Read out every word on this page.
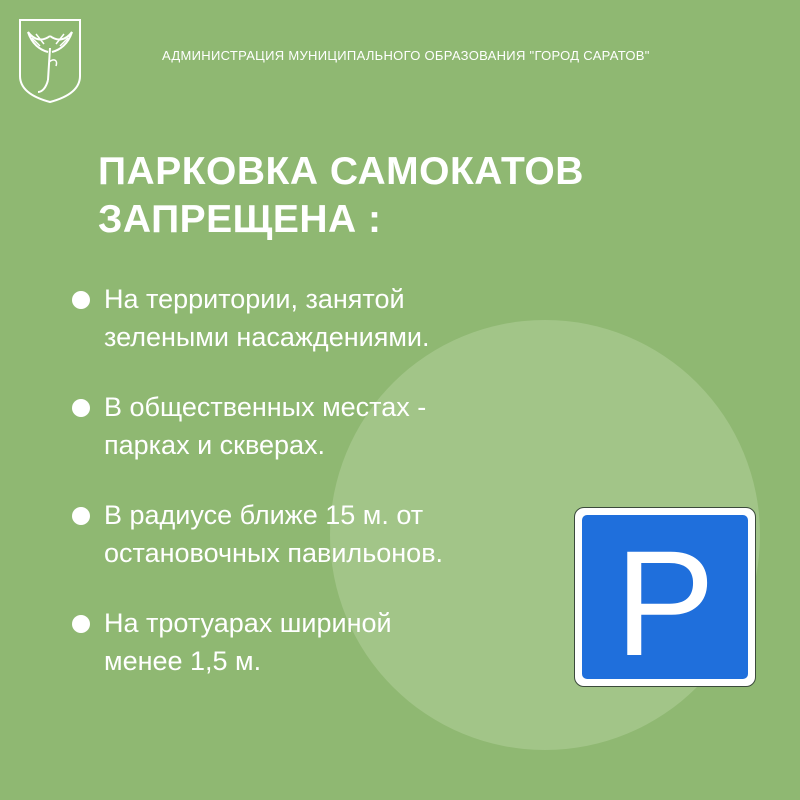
АДМИНИСТРАЦИЯ МУНИЦИПАЛЬНОГО ОБРАЗОВАНИЯ "ГОРОД САРАТОВ"
ПАРКОВКА САМОКАТОВ
ЗАПРЕЩЕНА :
На территории, занятой
зелеными насаждениями.
В общественных местах -
парках и скверах.
В радиусе ближе 15 м. от
остановочных павильонов.
На тротуарах шириной
менее 1,5 м.	P
